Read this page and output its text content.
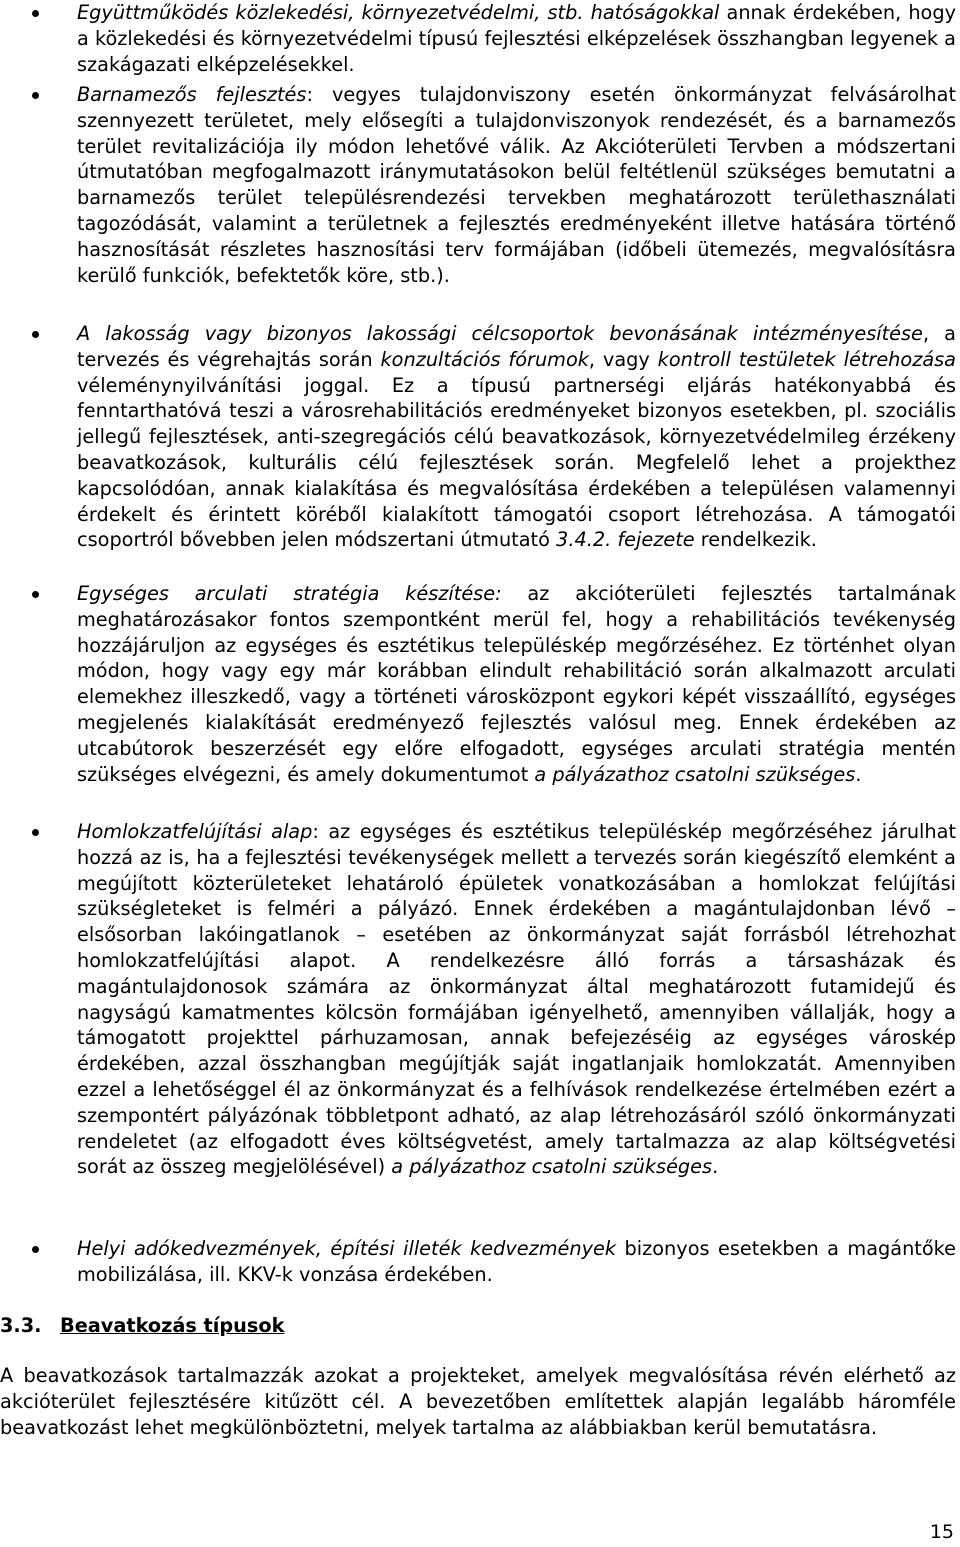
Együttműködés közlekedési, környezetvédelmi, stb. hatóságokkal annak érdekében, hogy a közlekedési és környezetvédelmi típusú fejlesztési elképzelések összhangban legyenek a szakágazati elképzelésekkel.
Barnamezős fejlesztés: vegyes tulajdonviszony esetén önkormányzat felvásárolhat szennyezett területet, mely elősegíti a tulajdonviszonyok rendezését, és a barnamezős terület revitalizációja ily módon lehetővé válik. Az Akcióterületi Tervben a módszertani útmutatóban megfogalmazott iránymutatásokon belül feltétlenül szükséges bemutatni a barnamezős terület településrendezési tervekben meghatározott területhasználati tagozódását, valamint a területnek a fejlesztés eredményeként illetve hatására történő hasznosítását részletes hasznosítási terv formájában (időbeli ütemezés, megvalósításra kerülő funkciók, befektetők köre, stb.).
A lakosság vagy bizonyos lakossági célcsoportok bevonásának intézményesítése, a tervezés és végrehajtás során konzultációs fórumok, vagy kontroll testületek létrehozása véleménynyilvánítási joggal. Ez a típusú partnerségi eljárás hatékonyabbá és fenntarthatóvá teszi a városrehabilitációs eredményeket bizonyos esetekben, pl. szociális jellegű fejlesztések, anti-szegregációs célú beavatkozások, környezetvédelmileg érzékeny beavatkozások, kulturális célú fejlesztések során. Megfelelő lehet a projekthez kapcsolódóan, annak kialakítása és megvalósítása érdekében a településen valamennyi érdekelt és érintett köréből kialakított támogatói csoport létrehozása. A támogatói csoportról bővebben jelen módszertani útmutató 3.4.2. fejezete rendelkezik.
Egységes arculati stratégia készítése: az akcióterületi fejlesztés tartalmának meghatározásakor fontos szempontként merül fel, hogy a rehabilitációs tevékenység hozzájáruljon az egységes és esztétikus településkép megőrzéséhez. Ez történhet olyan módon, hogy vagy egy már korábban elindult rehabilitáció során alkalmazott arculati elemekhez illeszkedő, vagy a történeti városközpont egykori képét visszaállító, egységes megjelenés kialakítását eredményező fejlesztés valósul meg. Ennek érdekében az utcabútorok beszerzését egy előre elfogadott, egységes arculati stratégia mentén szükséges elvégezni, és amely dokumentumot a pályázathoz csatolni szükséges.
Homlokzatfelújítási alap: az egységes és esztétikus településkép megőrzéséhez járulhat hozzá az is, ha a fejlesztési tevékenységek mellett a tervezés során kiegészítő elemként a megújított közterületeket lehatároló épületek vonatkozásában a homlokzat felújítási szükségleteket is felméri a pályázó. Ennek érdekében a magántulajdonban lévő – elsősorban lakóingatlanok – esetében az önkormányzat saját forrásból létrehozhat homlokzatfelújítási alapot. A rendelkezésre álló forrás a társasházak és magántulajdonosok számára az önkormányzat által meghatározott futamidejű és nagyságú kamatmentes kölcsön formájában igényelhető, amennyiben vállalják, hogy a támogatott projekttel párhuzamosan, annak befejezéséig az egységes városkép érdekében, azzal összhangban megújítják saját ingatlanjaik homlokzatát. Amennyiben ezzel a lehetőséggel él az önkormányzat és a felhívások rendelkezése értelmében ezért a szempontért pályázónak többletpont adható, az alap létrehozásáról szóló önkormányzati rendeletet (az elfogadott éves költségvetést, amely tartalmazza az alap költségvetési sorát az összeg megjelölésével) a pályázathoz csatolni szükséges.
Helyi adókedvezmények, építési illeték kedvezmények bizonyos esetekben a magántőke mobilizálása, ill. KKV-k vonzása érdekében.
3.3. Beavatkozás típusok
A beavatkozások tartalmazzák azokat a projekteket, amelyek megvalósítása révén elérhető az akcióterület fejlesztésére kitűzött cél. A bevezetőben említettek alapján legalább háromféle beavatkozást lehet megkülönböztetni, melyek tartalma az alábbiakban kerül bemutatásra.
15
